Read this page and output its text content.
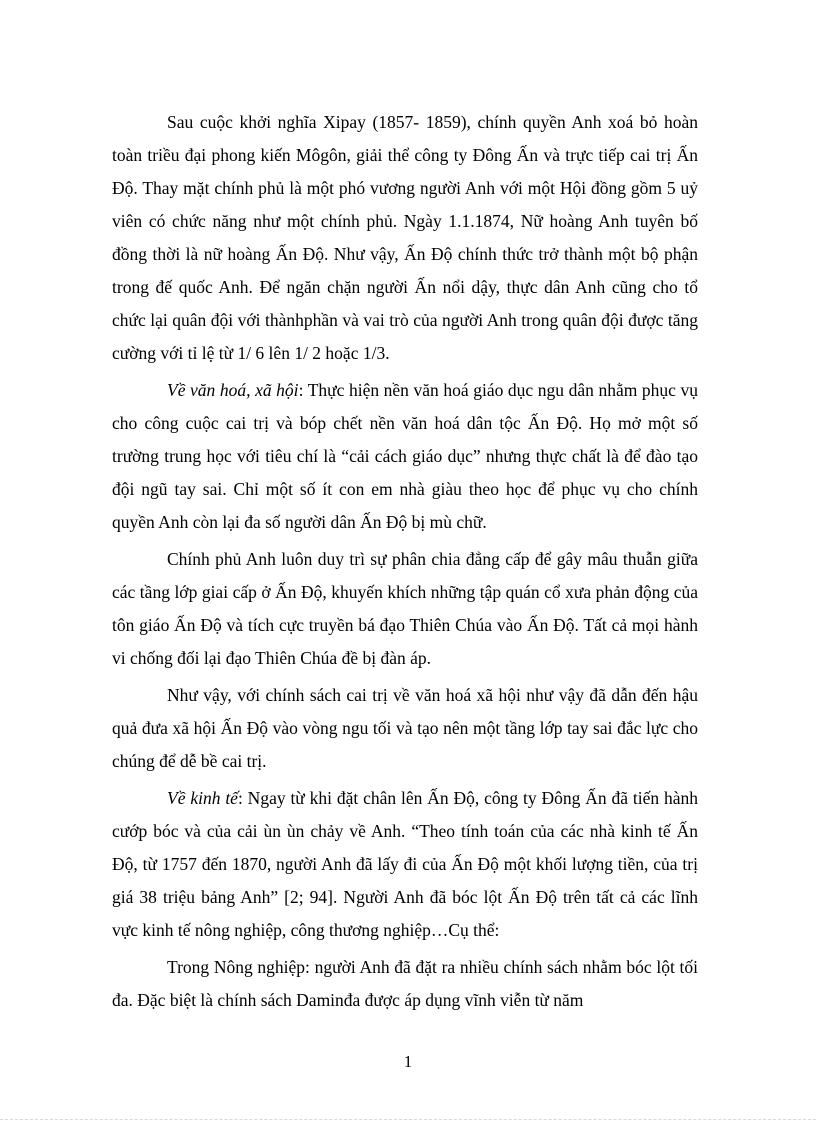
Sau cuộc khởi nghĩa Xipay (1857- 1859), chính quyền Anh xoá bỏ hoàn toàn triều đại phong kiến Môgôn, giải thể công ty Đông Ấn và trực tiếp cai trị Ấn Độ. Thay mặt chính phủ là một phó vương người Anh với một Hội đồng gồm 5 uỷ viên có chức năng như một chính phủ. Ngày 1.1.1874, Nữ hoàng Anh tuyên bố đồng thời là nữ hoàng Ấn Độ. Như vậy, Ấn Độ chính thức trở thành một bộ phận trong đế quốc Anh. Để ngăn chặn người Ấn nổi dậy, thực dân Anh cũng cho tổ chức lại quân đội với thànhphần và vai trò của người Anh trong quân đội được tăng cường với tỉ lệ từ 1/ 6 lên 1/ 2 hoặc 1/3.

Về văn hoá, xã hội: Thực hiện nền văn hoá giáo dục ngu dân nhằm phục vụ cho công cuộc cai trị và bóp chết nền văn hoá dân tộc Ấn Độ. Họ mở một số trường trung học với tiêu chí là “cải cách giáo dục” nhưng thực chất là để đào tạo đội ngũ tay sai. Chỉ một số ít con em nhà giàu theo học để phục vụ cho chính quyền Anh còn lại đa số người dân Ấn Độ bị mù chữ.

Chính phủ Anh luôn duy trì sự phân chia đẳng cấp để gây mâu thuẫn giữa các tầng lớp giai cấp ở Ấn Độ, khuyến khích những tập quán cổ xưa phản động của tôn giáo Ấn Độ và tích cực truyền bá đạo Thiên Chúa vào Ấn Độ. Tất cả mọi hành vi chống đối lại đạo Thiên Chúa đề bị đàn áp.

Như vậy, với chính sách cai trị về văn hoá xã hội như vậy đã dẫn đến hậu quả đưa xã hội Ấn Độ vào vòng ngu tối và tạo nên một tầng lớp tay sai đắc lực cho chúng để dễ bề cai trị.

Về kinh tế: Ngay từ khi đặt chân lên Ấn Độ, công ty Đông Ấn đã tiến hành cướp bóc và của cải ùn ùn chảy về Anh. “Theo tính toán của các nhà kinh tế Ấn Độ, từ 1757 đến 1870, người Anh đã lấy đi của Ấn Độ một khối lượng tiền, của trị giá 38 triệu bảng Anh” [2; 94]. Người Anh đã bóc lột Ấn Độ trên tất cả các lĩnh vực kinh tế nông nghiệp, công thương nghiệp…Cụ thể:

Trong Nông nghiệp: người Anh đã đặt ra nhiều chính sách nhằm bóc lột tối đa. Đặc biệt là chính sách Daminđa được áp dụng vĩnh viễn từ năm

1
